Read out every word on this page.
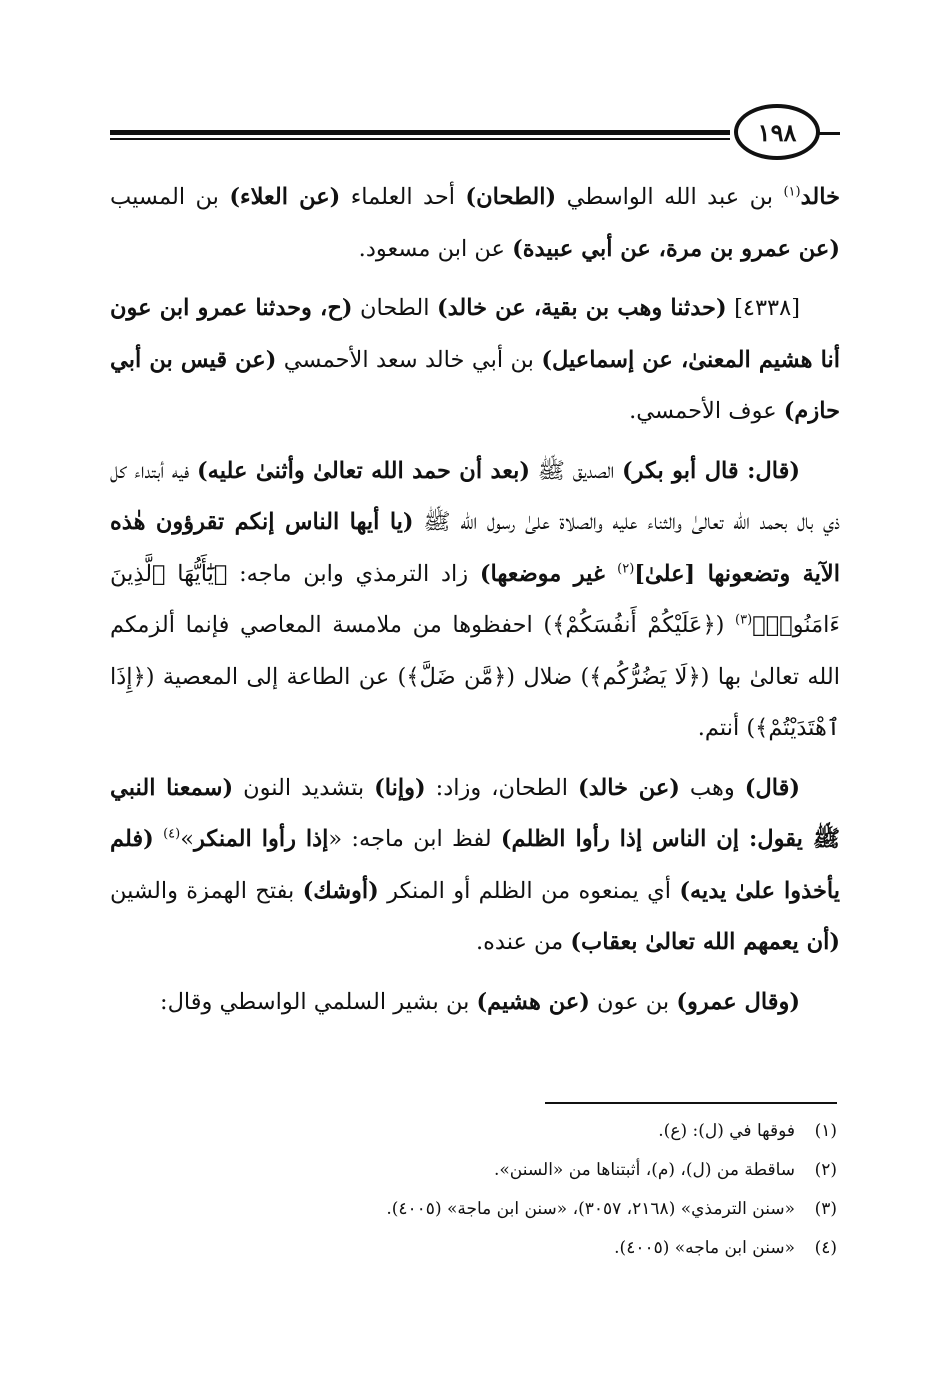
١٩٨

خالد$^{(١)}$ بن عبد الله الواسطي (الطحان) أحد العلماء (عن العلاء) بن المسيب (عن عمرو بن مرة، عن أبي عبيدة) عن ابن مسعود.

[٤٣٣٨] (حدثنا وهب بن بقية، عن خالد) الطحان (ح، وحدثنا عمرو ابن عون أنا هشيم المعنىٰ، عن إسماعيل) بن أبي خالد سعد الأحمسي (عن قيس بن أبي حازم) عوف الأحمسي.

(قال: قال أبو بكر) الصديق ﷺ (بعد أن حمد الله تعالىٰ وأثنىٰ عليه) فيه أبتداء كل ذي بال بحمد الله تعالىٰ والثناء عليه والصلاة علىٰ رسول الله ﷺ (يا أيها الناس إنكم تقرؤون هٰذه الآية وتضعونها [علىٰ]$^{(٢)}$ غير موضعها) زاد الترمذي وابن ماجه: ﴿يَٰٓأَيُّهَا ٱلَّذِينَ ءَامَنُوا۟﴾$^{(٣)}$ (﴿عَلَيْكُمْ أَنفُسَكُمْ﴾) احفظوها من ملامسة المعاصي فإنما ألزمكم الله تعالىٰ بها (﴿لَا يَضُرُّكُم﴾) ضلال (﴿مَّن ضَلَّ﴾) عن الطاعة إلى المعصية (﴿إِذَا ٱهْتَدَيْتُمْ﴾) أنتم.

(قال) وهب (عن خالد) الطحان، وزاد: (وإنا) بتشديد النون (سمعنا النبي ﷺ يقول: إن الناس إذا رأوا الظلم) لفظ ابن ماجه: «إذا رأوا المنكر»$^{(٤)}$ (فلم يأخذوا علىٰ يديه) أي يمنعوه من الظلم أو المنكر (أوشك) بفتح الهمزة والشين (أن يعمهم الله تعالىٰ بعقاب) من عنده.

(وقال عمرو) بن عون (عن هشيم) بن بشير السلمي الواسطي وقال:

(١)
فوقها في (ل): (ع).
(٢)
ساقطة من (ل)، (م)، أثبتناها من «السنن».
(٣)
«سنن الترمذي» (٢١٦٨، ٣٠٥٧)، «سنن ابن ماجة» (٤٠٠٥).
(٤)
«سنن ابن ماجه» (٤٠٠٥).
